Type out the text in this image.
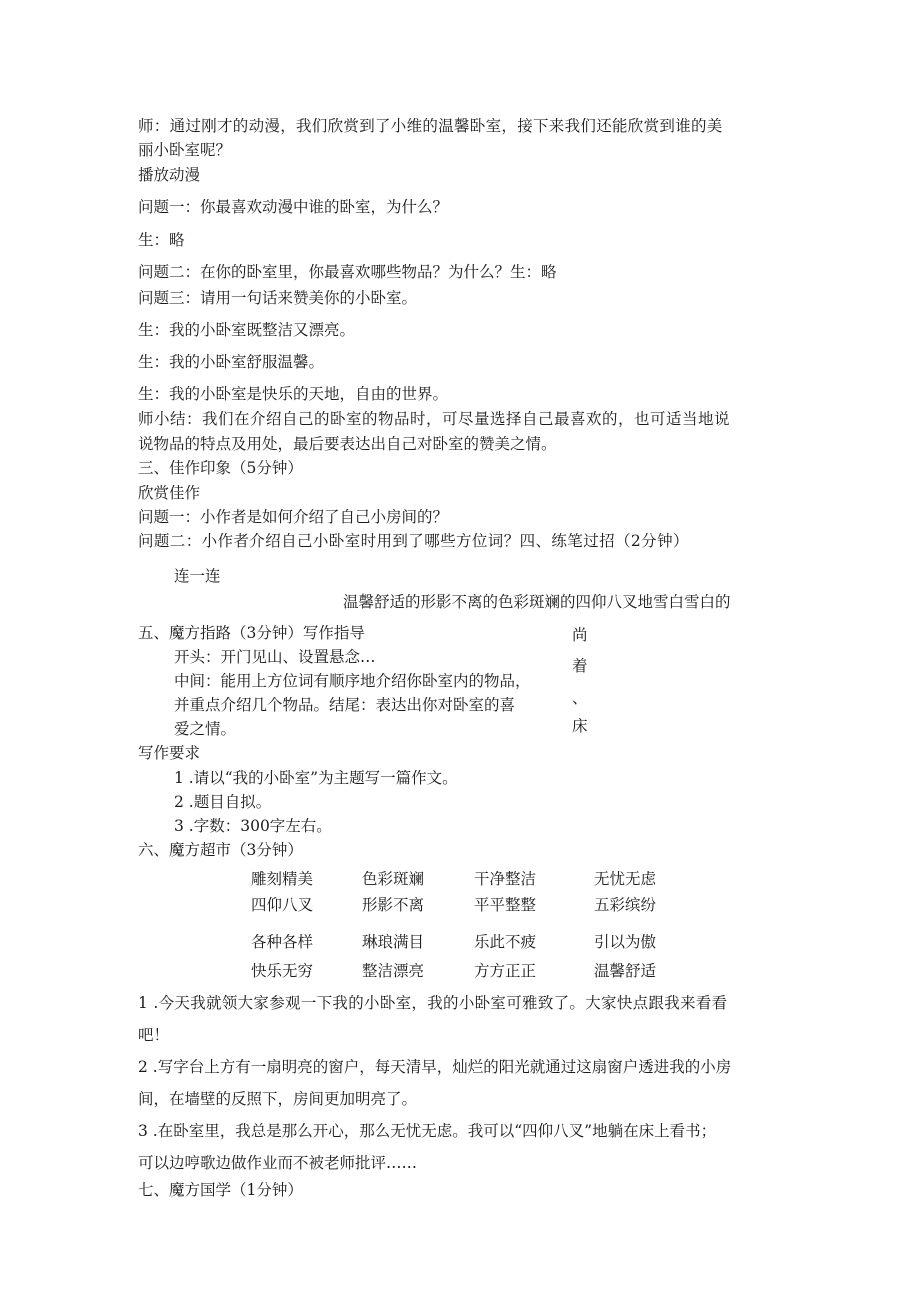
师：通过刚才的动漫，我们欣赏到了小维的温馨卧室，接下来我们还能欣赏到谁的美
丽小卧室呢？
播放动漫
问题一：你最喜欢动漫中谁的卧室，为什么？
生：略
问题二：在你的卧室里，你最喜欢哪些物品？为什么？生：略
问题三：请用一句话来赞美你的小卧室。
生：我的小卧室既整洁又漂亮。
生：我的小卧室舒服温馨。
生：我的小卧室是快乐的天地，自由的世界。
师小结：我们在介绍自己的卧室的物品时，可尽量选择自己最喜欢的，也可适当地说
说物品的特点及用处，最后要表达出自己对卧室的赞美之情。
三、佳作印象（5分钟）
欣赏佳作
问题一：小作者是如何介绍了自己小房间的？
问题二：小作者介绍自己小卧室时用到了哪些方位词？四、练笔过招（2分钟）
连一连
温馨舒适的形影不离的色彩斑斓的四仰八叉地雪白雪白的
五、魔方指路（3分钟）写作指导
开头：开门见山、设置悬念…
中间：能用上方位词有顺序地介绍你卧室内的物品，
并重点介绍几个物品。结尾：表达出你对卧室的喜
爱之情。
尚
着
、
床
写作要求
1 .请以“我的小卧室”为主题写一篇作文。
2 .题目自拟。
3 .字数：300字左右。
六、魔方超市（3分钟）
雕刻精美	色彩斑斓	干净整洁	无忧无虑
四仰八叉	形影不离	平平整整	五彩缤纷
各种各样	琳琅满目	乐此不疲	引以为傲
快乐无穷	整洁漂亮	方方正正	温馨舒适
1 .今天我就领大家参观一下我的小卧室，我的小卧室可雅致了。大家快点跟我来看看
吧！
2 .写字台上方有一扇明亮的窗户，每天清早，灿烂的阳光就通过这扇窗户透进我的小房
间，在墙壁的反照下，房间更加明亮了。
3 .在卧室里，我总是那么开心，那么无忧无虑。我可以“四仰八叉”地躺在床上看书；
可以边哼歌边做作业而不被老师批评……
七、魔方国学（1分钟）
